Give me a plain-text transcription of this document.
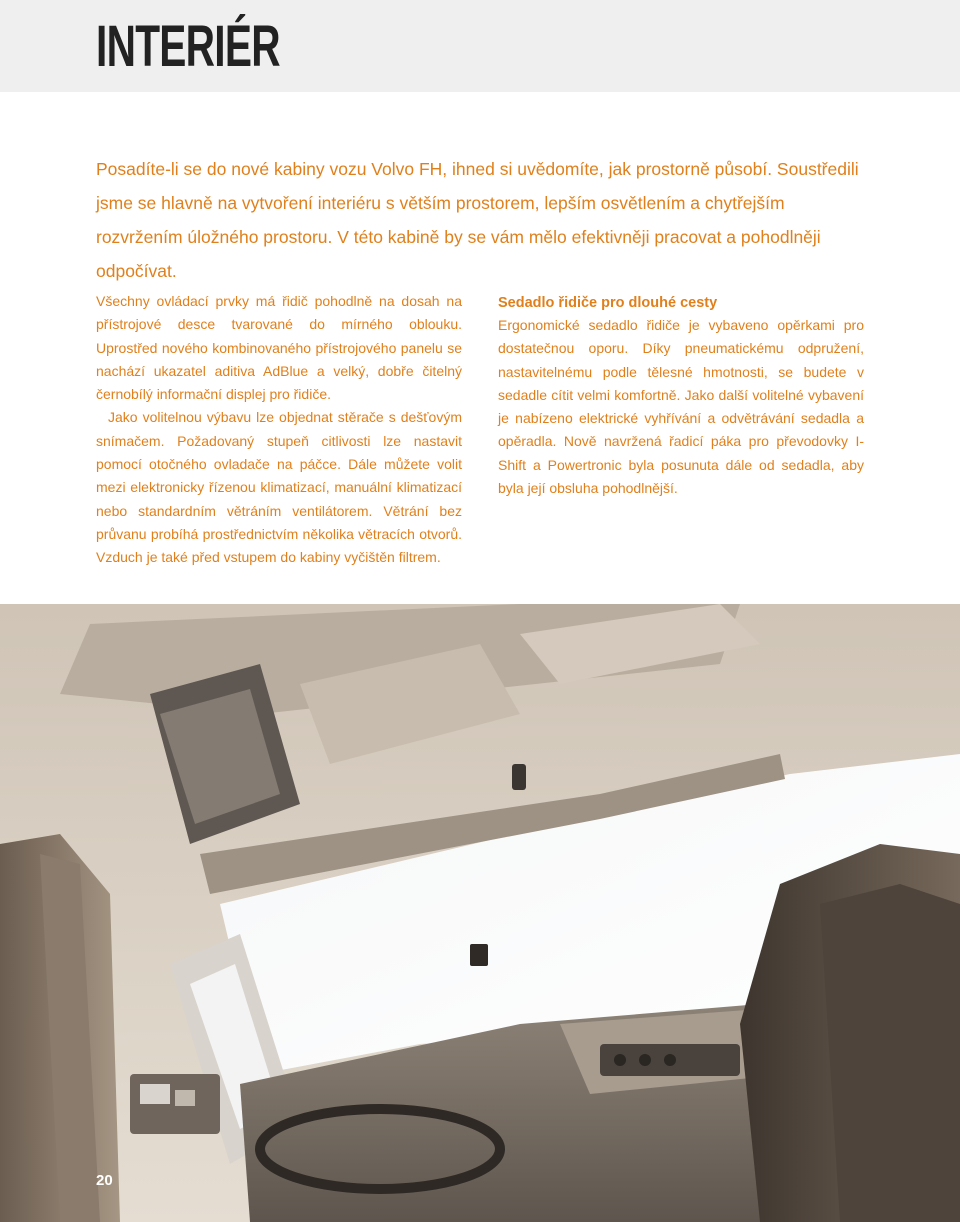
INTERIÉR

Posadíte-li se do nové kabiny vozu Volvo FH, ihned si uvědomíte, jak prostorně působí. Soustředili jsme se hlavně na vytvoření interiéru s větším prostorem, lepším osvětlením a chytřejším rozvržením úložného prostoru. V této kabině by se vám mělo efektivněji pracovat a pohodlněji odpočívat.

Všechny ovládací prvky má řidič pohodlně na dosah na přístrojové desce tvarované do mírného oblouku. Uprostřed nového kombinovaného přístrojového panelu se nachází ukazatel aditiva AdBlue a velký, dobře čitelný černobílý informační displej pro řidiče.

Jako volitelnou výbavu lze objednat stěrače s dešťovým snímačem. Požadovaný stupeň citlivosti lze nastavit pomocí otočného ovladače na páčce. Dále můžete volit mezi elektronicky řízenou klimatizací, manuální klimatizací nebo standardním větráním ventilátorem. Větrání bez průvanu probíhá prostřednictvím několika větracích otvorů. Vzduch je také před vstupem do kabiny vyčištěn filtrem.

Sedadlo řidiče pro dlouhé cesty

Ergonomické sedadlo řidiče je vybaveno opěrkami pro dostatečnou oporu. Díky pneumatickému odpružení, nastavitelnému podle tělesné hmotnosti, se budete v sedadle cítit velmi komfortně. Jako další volitelné vybavení je nabízeno elektrické vyhřívání a odvětrávání sedadla a opěradla. Nově navržená řadicí páka pro převodovky I-Shift a Powertronic byla posunuta dále od sedadla, aby byla její obsluha pohodlnější.

20
